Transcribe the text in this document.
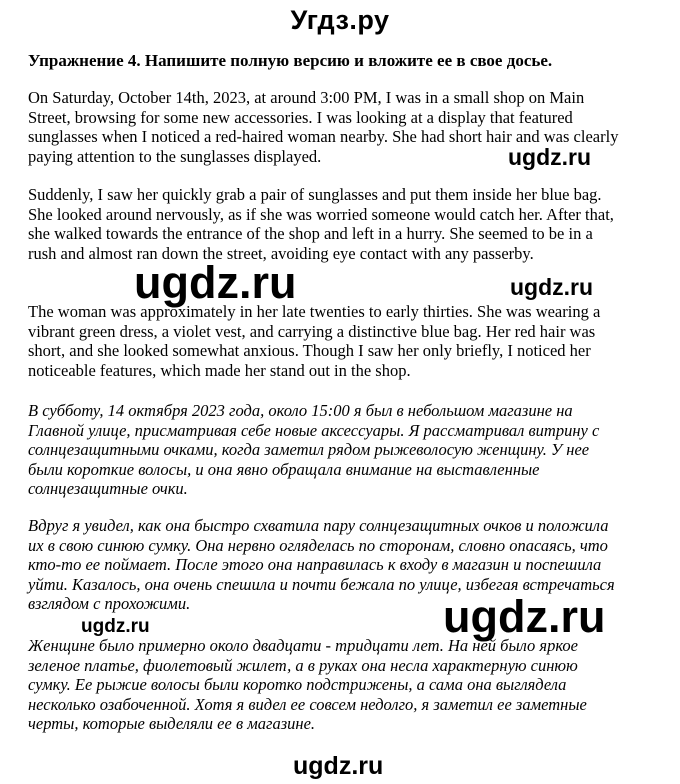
Угдз.ру
Упражнение 4. Напишите полную версию и вложите ее в свое досье.

On Saturday, October 14th, 2023, at around 3:00 PM, I was in a small shop on Main Street, browsing for some new accessories. I was looking at a display that featured sunglasses when I noticed a red-haired woman nearby. She had short hair and was clearly paying attention to the sunglasses displayed.

Suddenly, I saw her quickly grab a pair of sunglasses and put them inside her blue bag. She looked around nervously, as if she was worried someone would catch her. After that, she walked towards the entrance of the shop and left in a hurry. She seemed to be in a rush and almost ran down the street, avoiding eye contact with any passerby.

The woman was approximately in her late twenties to early thirties. She was wearing a vibrant green dress, a violet vest, and carrying a distinctive blue bag. Her red hair was short, and she looked somewhat anxious. Though I saw her only briefly, I noticed her noticeable features, which made her stand out in the shop.

В субботу, 14 октября 2023 года, около 15:00 я был в небольшом магазине на Главной улице, присматривая себе новые аксессуары. Я рассматривал витрину с солнцезащитными очками, когда заметил рядом рыжеволосую женщину. У нее были короткие волосы, и она явно обращала внимание на выставленные солнцезащитные очки.

Вдруг я увидел, как она быстро схватила пару солнцезащитных очков и положила их в свою синюю сумку. Она нервно огляделась по сторонам, словно опасаясь, что кто-то ее поймает. После этого она направилась к входу в магазин и поспешила уйти. Казалось, она очень спешила и почти бежала по улице, избегая встречаться взглядом с прохожими.

Женщине было примерно около двадцати - тридцати лет. На ней было яркое зеленое платье, фиолетовый жилет, а в руках она несла характерную синюю сумку. Ее рыжие волосы были коротко подстрижены, а сама она выглядела несколько озабоченной. Хотя я видел ее совсем недолго, я заметил ее заметные черты, которые выделяли ее в магазине.

ugdz.ru
ugdz.ru	ugdz.ru
ugdz.ru
ugdz.ru
ugdz.ru
